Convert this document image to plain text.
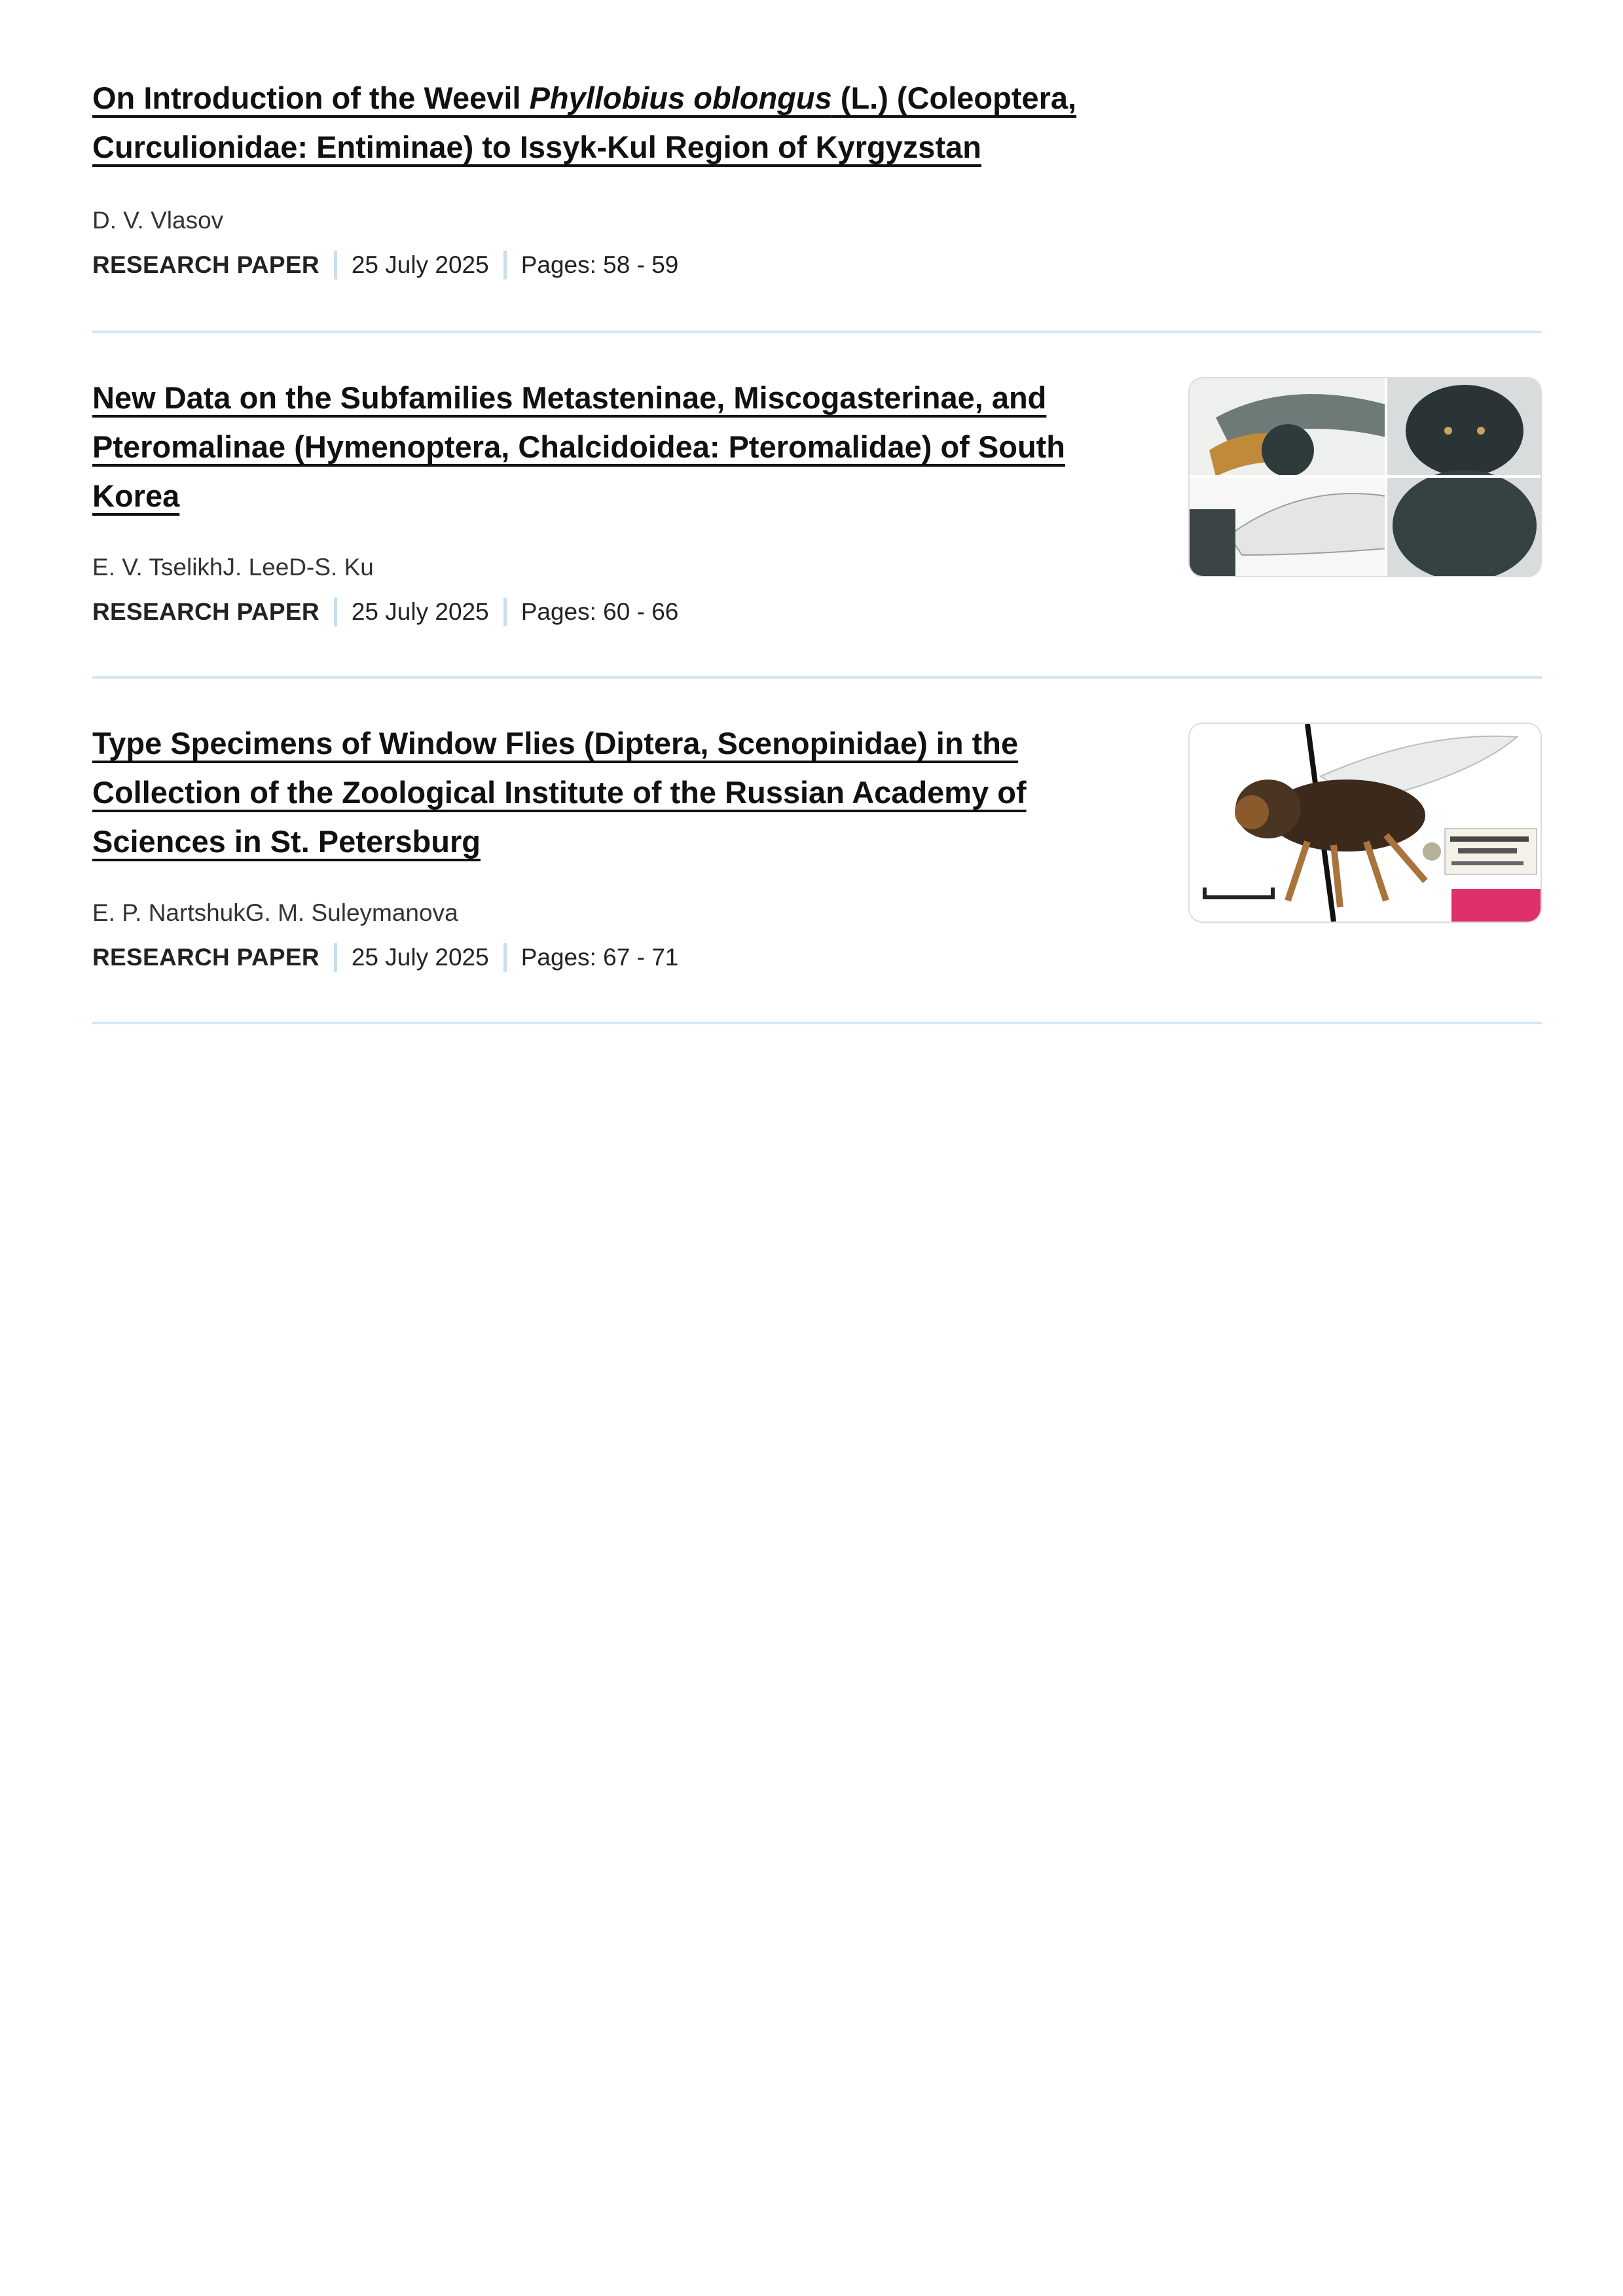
On Introduction of the Weevil Phyllobius oblongus (L.) (Coleoptera, Curculionidae: Entiminae) to Issyk-Kul Region of Kyrgyzstan
D. V. Vlasov
RESEARCH PAPER 25 July 2025 Pages: 58 - 59
New Data on the Subfamilies Metasteninae, Miscogasterinae, and Pteromalinae (Hymenoptera, Chalcidoidea: Pteromalidae) of South Korea
E. V. TselikhJ. LeeD-S. Ku
RESEARCH PAPER 25 July 2025 Pages: 60 - 66
Type Specimens of Window Flies (Diptera, Scenopinidae) in the Collection of the Zoological Institute of the Russian Academy of Sciences in St. Petersburg
E. P. NartshukG. M. Suleymanova
RESEARCH PAPER 25 July 2025 Pages: 67 - 71
